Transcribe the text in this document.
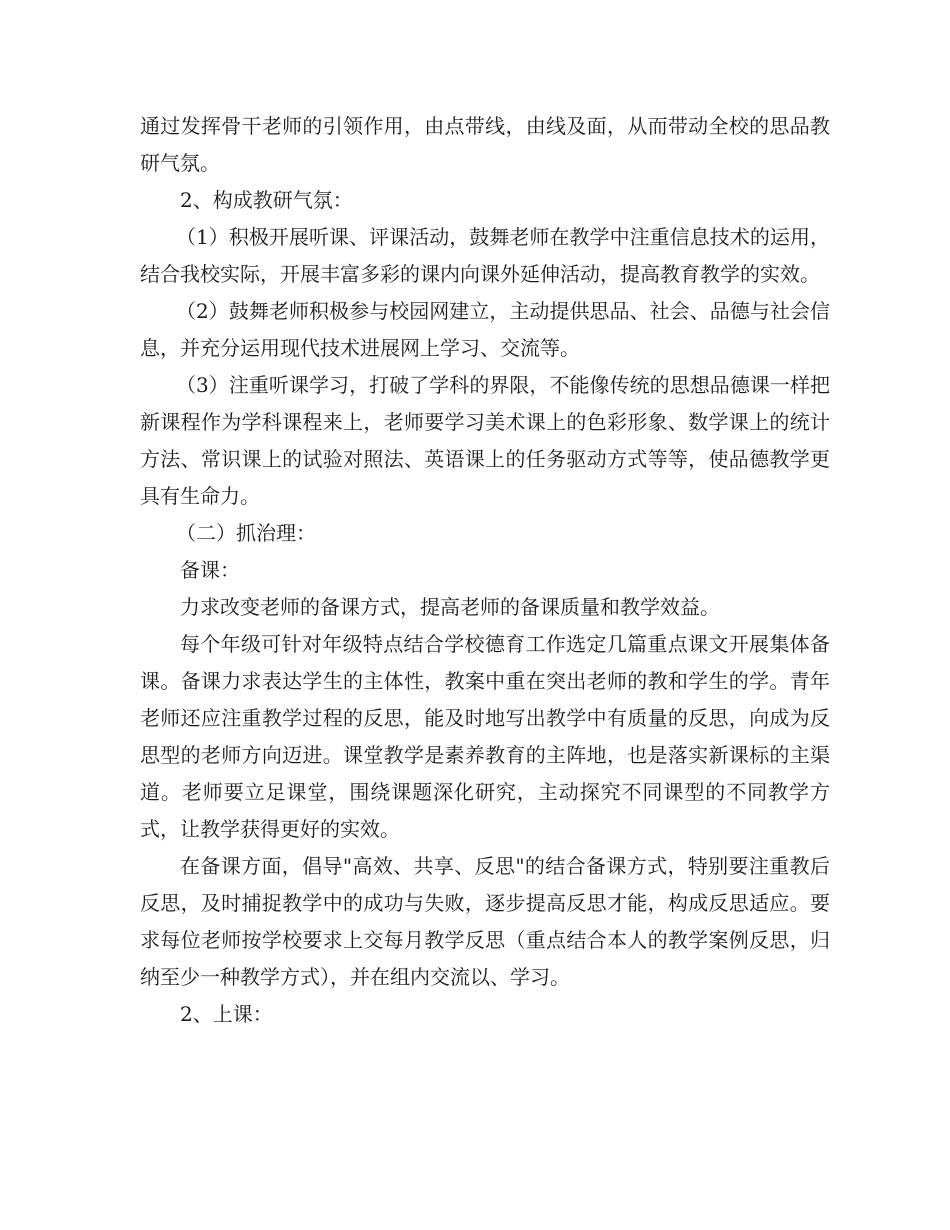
通过发挥骨干老师的引领作用，由点带线，由线及面，从而带动全校的思品教研气氛。

2、构成教研气氛：

（1）积极开展听课、评课活动，鼓舞老师在教学中注重信息技术的运用，结合我校实际，开展丰富多彩的课内向课外延伸活动，提高教育教学的实效。

（2）鼓舞老师积极参与校园网建立，主动提供思品、社会、品德与社会信息，并充分运用现代技术进展网上学习、交流等。

（3）注重听课学习，打破了学科的界限，不能像传统的思想品德课一样把新课程作为学科课程来上，老师要学习美术课上的色彩形象、数学课上的统计方法、常识课上的试验对照法、英语课上的任务驱动方式等等，使品德教学更具有生命力。

（二）抓治理：

备课：

力求改变老师的备课方式，提高老师的备课质量和教学效益。

每个年级可针对年级特点结合学校德育工作选定几篇重点课文开展集体备课。备课力求表达学生的主体性，教案中重在突出老师的教和学生的学。青年老师还应注重教学过程的反思，能及时地写出教学中有质量的反思，向成为反思型的老师方向迈进。课堂教学是素养教育的主阵地，也是落实新课标的主渠道。老师要立足课堂，围绕课题深化研究，主动探究不同课型的不同教学方式，让教学获得更好的实效。

在备课方面，倡导"高效、共享、反思"的结合备课方式，特别要注重教后反思，及时捕捉教学中的成功与失败，逐步提高反思才能，构成反思适应。要求每位老师按学校要求上交每月教学反思（重点结合本人的教学案例反思，归纳至少一种教学方式），并在组内交流以、学习。

2、上课：
